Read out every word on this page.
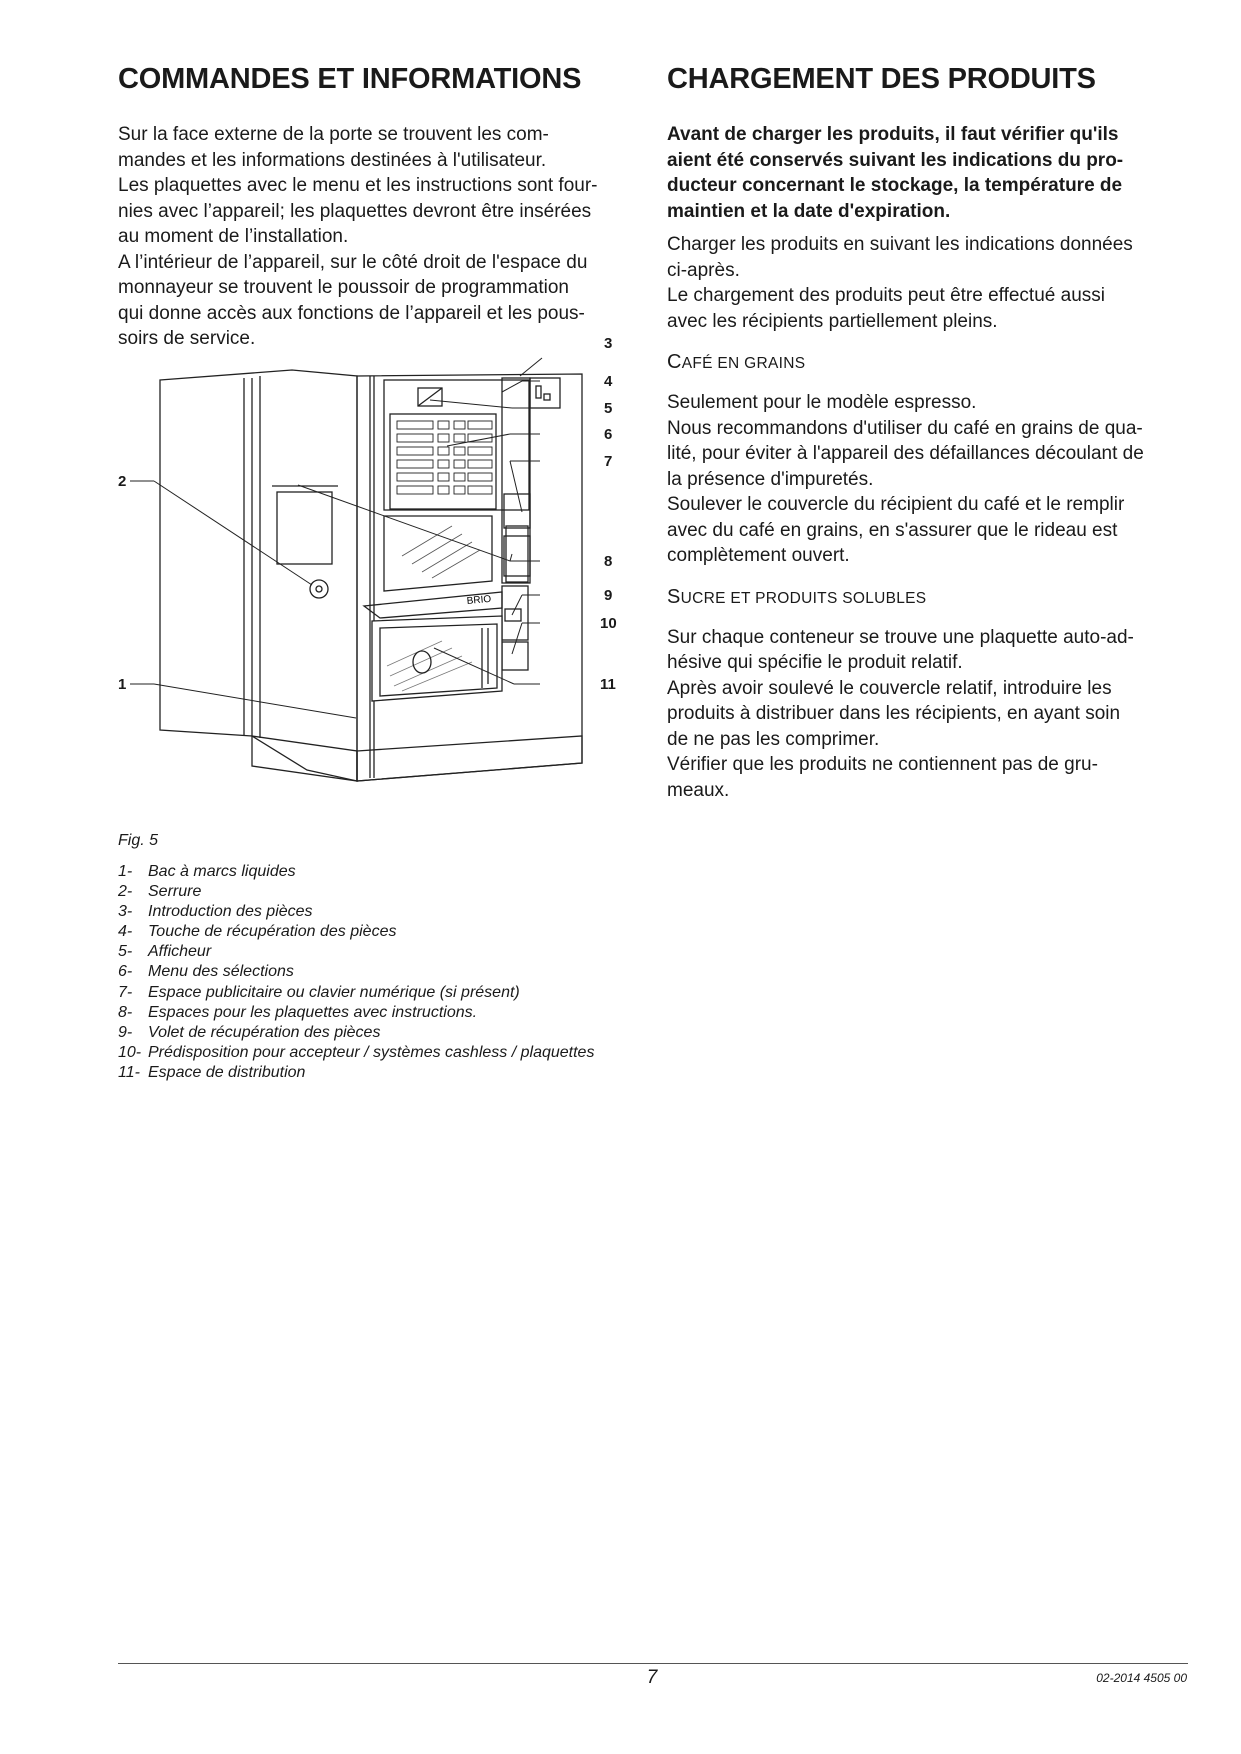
COMMANDES ET INFORMATIONS
Sur la face externe de la porte se trouvent les com-
mandes et les informations destinées à l'utilisateur.
Les plaquettes avec le menu et les instructions sont four-
nies avec l’appareil; les plaquettes devront être insérées
au moment de l’installation.
A l’intérieur de l’appareil, sur le côté droit de l'espace du
monnayeur se trouvent le poussoir de programmation
qui donne accès aux fonctions de l’appareil et les pous-
soirs de service.
BRIO
2
1
3
4
5
6
7
8
9
10
11
Fig. 5
1- Bac à marcs liquides
2- Serrure
3- Introduction des pièces
4- Touche de récupération des pièces
5- Afficheur
6- Menu des sélections
7- Espace publicitaire ou clavier numérique (si présent)
8- Espaces pour les plaquettes avec instructions.
9- Volet de récupération des pièces
10- Prédisposition pour accepteur / systèmes cashless / plaquettes
11- Espace de distribution
CHARGEMENT DES PRODUITS
Avant de charger les produits, il faut vérifier qu'ils
aient été conservés suivant les indications du pro-
ducteur concernant le stockage, la température de
maintien et la date d'expiration.
Charger les produits en suivant les indications données
ci-après.
Le chargement des produits peut être effectué aussi
avec les récipients partiellement pleins.
CAFÉ EN GRAINS
Seulement pour le modèle espresso.
Nous recommandons d'utiliser du café en grains de qua-
lité, pour éviter à l'appareil des défaillances découlant de
la présence d'impuretés.
Soulever le couvercle du récipient du café et le remplir
avec du café en grains, en s'assurer que le rideau est
complètement ouvert.
SUCRE ET PRODUITS SOLUBLES
Sur chaque conteneur se trouve une plaquette auto-ad-
hésive qui spécifie le produit relatif.
Après avoir soulevé le couvercle relatif, introduire les
produits à distribuer dans les récipients, en ayant soin
de ne pas les comprimer.
Vérifier que les produits ne contiennent pas de gru-
meaux.
7	02-2014 4505 00
